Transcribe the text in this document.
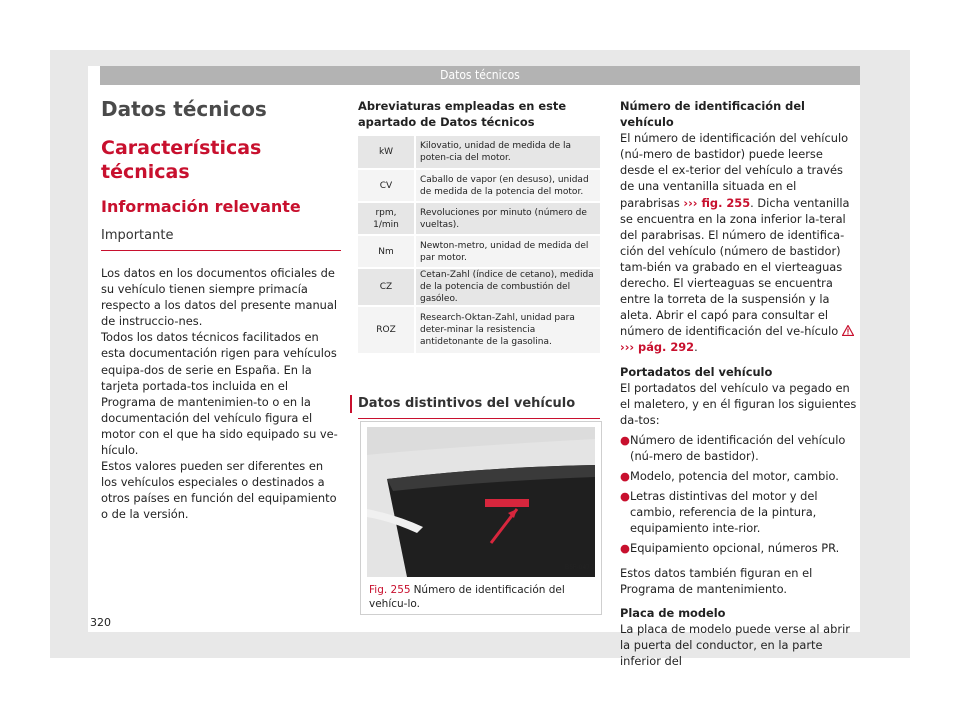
Datos técnicos
Datos técnicos
Características técnicas
Información relevante
Importante

Los datos en los documentos oficiales de su vehículo tienen siempre primacía respecto a los datos del presente manual de instruccio-nes.

Todos los datos técnicos facilitados en esta documentación rigen para vehículos equipa-dos de serie en España. En la tarjeta portada-tos incluida en el Programa de mantenimien-to o en la documentación del vehículo figura el motor con el que ha sido equipado su ve-hículo.

Estos valores pueden ser diferentes en los vehículos especiales o destinados a otros países en función del equipamiento o de la versión.

Abreviaturas empleadas en este apartado de Datos técnicos
kW	Kilovatio, unidad de medida de la poten-cia del motor.
CV	Caballo de vapor (en desuso), unidad de medida de la potencia del motor.
rpm, 1/min	Revoluciones por minuto (número de vueltas).
Nm	Newton-metro, unidad de medida del par motor.
CZ	Cetan-Zahl (índice de cetano), medida de la potencia de combustión del gasóleo.
ROZ	Research-Oktan-Zahl, unidad para deter-minar la resistencia antidetonante de la gasolina.
Datos distintivos del vehículo
B5F-0473
Fig. 255 Número de identificación del vehícu-lo.

Número de identificación del vehículo

El número de identificación del vehículo (nú-mero de bastidor) puede leerse desde el ex-terior del vehículo a través de una ventanilla situada en el parabrisas ››› fig. 255. Dicha ventanilla se encuentra en la zona inferior la-teral del parabrisas. El número de identifica-ción del vehículo (número de bastidor) tam-bién va grabado en el vierteaguas derecho. El vierteaguas se encuentra entre la torreta de la suspensión y la aleta. Abrir el capó para consultar el número de identificación del ve-hículo  ››› pág. 292.

Portadatos del vehículo

El portadatos del vehículo va pegado en el maletero, y en él figuran los siguientes da-tos:

● Número de identificación del vehículo (nú-mero de bastidor).

● Modelo, potencia del motor, cambio.

● Letras distintivas del motor y del cambio, referencia de la pintura, equipamiento inte-rior.

● Equipamiento opcional, números PR.

Estos datos también figuran en el Programa de mantenimiento.

Placa de modelo

La placa de modelo puede verse al abrir la puerta del conductor, en la parte inferior del

320
